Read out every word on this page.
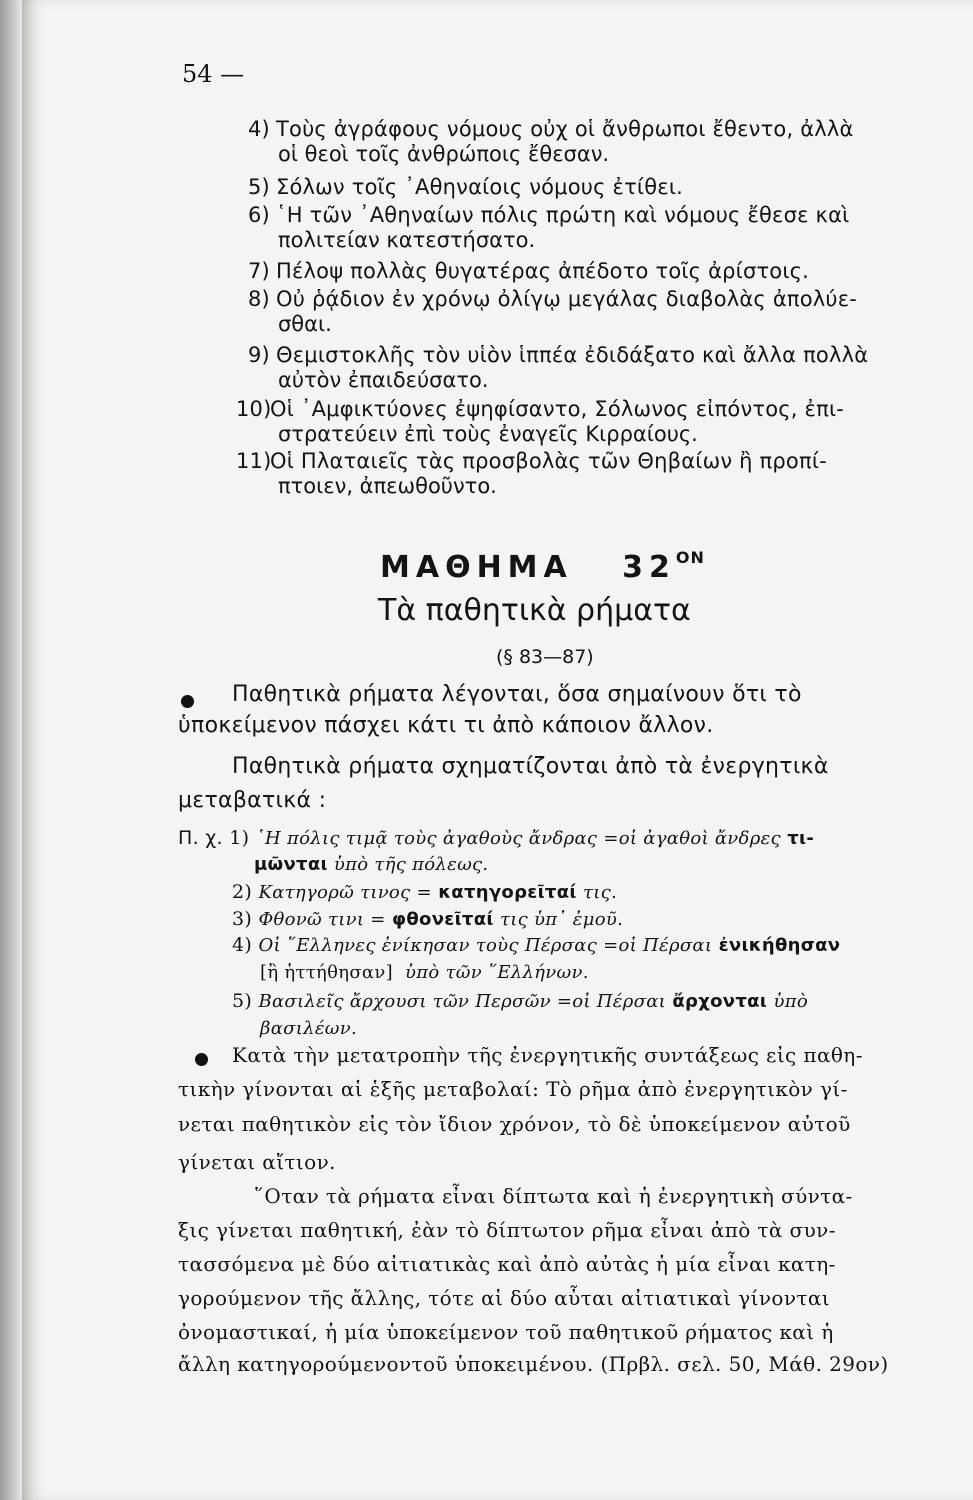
54 —
4) Τοὺς ἀγράφους νόμους οὐχ οἱ ἄνθρωποι ἔθεντο, ἀλλὰ
οἱ θεοὶ τοῖς ἀνθρώποις ἔθεσαν.
5) Σόλων τοῖς ᾿Αθηναίοις νόμους ἐτίθει.
6) ῾Η τῶν ᾿Αθηναίων πόλις πρώτη καὶ νόμους ἔθεσε καὶ
πολιτείαν κατεστήσατο.
7) Πέλοψ πολλὰς θυγατέρας ἀπέδοτο τοῖς ἀρίστοις.
8) Οὐ ῥᾴδιον ἐν χρόνῳ ὀλίγῳ μεγάλας διαβολὰς ἀπολύε-
σθαι.
9) Θεμιστοκλῆς τὸν υἱὸν ἱππέα ἐδιδάξατο καὶ ἄλλα πολλὰ
αὐτὸν ἐπαιδεύσατο.
10)Οἱ ᾿Αμφικτύονες ἐψηφίσαντο, Σόλωνος εἰπόντος, ἐπι-
στρατεύειν ἐπὶ τοὺς ἐναγεῖς Κιρραίους.
11)Οἱ Πλαταιεῖς τὰς προσβολὰς τῶν Θηβαίων ἢ προπί-
πτοιεν, ἀπεωθοῦντο.
ΜΑΘΗΜΑ $32^{ON}$
Τὰ παθητικὰ ρήματα
(§ 83—87)
Παθητικὰ ρήματα λέγονται, ὅσα σημαίνουν ὅτι τὸ
ὑποκείμενον πάσχει κάτι τι ἀπὸ κάποιον ἄλλον.
Παθητικὰ ρήματα σχηματίζονται ἀπὸ τὰ ἐνεργητικὰ
μεταβατικά :
Π. χ. 1) ῾Η πόλις τιμᾷ τοὺς ἀγαθοὺς ἄνδρας =οἱ ἀγαθοὶ ἄνδρες τι-
μῶνται ὑπὸ τῆς πόλεως.
2) Κατηγορῶ τινος = κατηγορεῖταί τις.
3) Φθονῶ τινι = φθονεῖταί τις ὑπ᾿ ἐμοῦ.
4) Οἱ ῞Ελληνες ἐνίκησαν τοὺς Πέρσας =οἱ Πέρσαι ἐνικήθησαν
[ἢ ἡττήθησαν] ὑπὸ τῶν ῞Ελλήνων.
5) Βασιλεῖς ἄρχουσι τῶν Περσῶν =οἱ Πέρσαι ἄρχονται ὑπὸ
βασιλέων.
Κατὰ τὴν μετατροπὴν τῆς ἐνεργητικῆς συντάξεως εἰς παθη-
τικὴν γίνονται αἱ ἑξῆς μεταβολαί: Τὸ ρῆμα ἀπὸ ἐνεργητικὸν γί-
νεται παθητικὸν εἰς τὸν ἴδιον χρόνον, τὸ δὲ ὑποκείμενον αὐτοῦ
γίνεται αἴτιον.
῞Οταν τὰ ρήματα εἶναι δίπτωτα καὶ ἡ ἐνεργητικὴ σύντα-
ξις γίνεται παθητική, ἐὰν τὸ δίπτωτον ρῆμα εἶναι ἀπὸ τὰ συν-
τασσόμενα μὲ δύο αἰτιατικὰς καὶ ἀπὸ αὐτὰς ἡ μία εἶναι κατη-
γορούμενον τῆς ἄλλης, τότε αἱ δύο αὗται αἰτιατικαὶ γίνονται
ὀνομαστικαί, ἡ μία ὑποκείμενον τοῦ παθητικοῦ ρήματος καὶ ἡ
ἄλλη κατηγορούμενοντοῦ ὑποκειμένου. (Πρβλ. σελ. 50, Μάθ. 29ον)
